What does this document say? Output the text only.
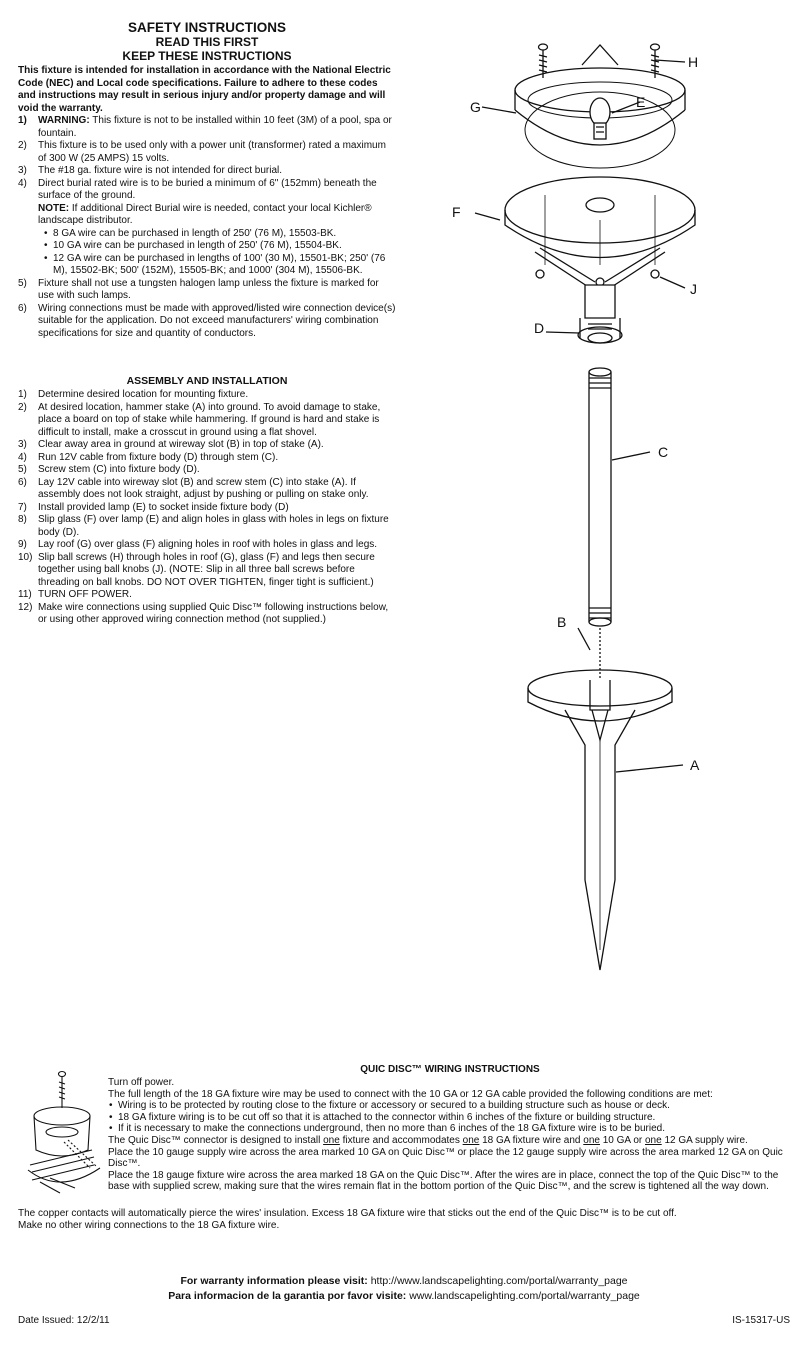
SAFETY INSTRUCTIONS
READ THIS FIRST
KEEP THESE INSTRUCTIONS
This fixture is intended for installation in accordance with the National Electric Code (NEC) and Local code specifications. Failure to adhere to these codes and instructions may result in serious injury and/or property damage and will void the warranty.
1) WARNING: This fixture is not to be installed within 10 feet (3M) of a pool, spa or fountain.
2) This fixture is to be used only with a power unit (transformer) rated a maximum of 300 W (25 AMPS) 15 volts.
3) The #18 ga. fixture wire is not intended for direct burial.
4) Direct burial rated wire is to be buried a minimum of 6" (152mm) beneath the surface of the ground.
NOTE: If additional Direct Burial wire is needed, contact your local Kichler® landscape distributor.
• 8 GA wire can be purchased in length of 250' (76 M), 15503-BK.
• 10 GA wire can be purchased in length of 250' (76 M), 15504-BK.
• 12 GA wire can be purchased in lengths of 100' (30 M), 15501-BK; 250' (76 M), 15502-BK; 500' (152M), 15505-BK; and 1000' (304 M), 15506-BK.
5) Fixture shall not use a tungsten halogen lamp unless the fixture is marked for use with such lamps.
6) Wiring connections must be made with approved/listed wire connection device(s) suitable for the application. Do not exceed manufacturers' wiring combination specifications for size and quantity of conductors.
ASSEMBLY AND INSTALLATION
1) Determine desired location for mounting fixture.
2) At desired location, hammer stake (A) into ground. To avoid damage to stake, place a board on top of stake while hammering. If ground is hard and stake is difficult to install, make a crosscut in ground using a flat shovel.
3) Clear away area in ground at wireway slot (B) in top of stake (A).
4) Run 12V cable from fixture body (D) through stem (C).
5) Screw stem (C) into fixture body (D).
6) Lay 12V cable into wireway slot (B) and screw stem (C) into stake (A). If assembly does not look straight, adjust by pushing or pulling on stake only.
7) Install provided lamp (E) to socket inside fixture body (D)
8) Slip glass (F) over lamp (E) and align holes in glass with holes in legs on fixture body (D).
9) Lay roof (G) over glass (F) aligning holes in roof with holes in glass and legs.
10) Slip ball screws (H) through holes in roof (G), glass (F) and legs then secure together using ball knobs (J). (NOTE: Slip in all three ball screws before threading on ball knobs. DO NOT OVER TIGHTEN, finger tight is sufficient.)
11) TURN OFF POWER.
12) Make wire connections using supplied Quic Disc™ following instructions below, or using other approved wiring connection method (not supplied.)
H
E
G
F
J
D
C
B
A
QUIC DISC™ WIRING INSTRUCTIONS
Turn off power.
The full length of the 18 GA fixture wire may be used to connect with the 10 GA or 12 GA cable provided the following conditions are met:
• Wiring is to be protected by routing close to the fixture or accessory or secured to a building structure such as house or deck.
• 18 GA fixture wiring is to be cut off so that it is attached to the connector within 6 inches of the fixture or building structure.
• If it is necessary to make the connections underground, then no more than 6 inches of the 18 GA fixture wire is to be buried.
The Quic Disc™ connector is designed to install one fixture and accommodates one 18 GA fixture wire and one 10 GA or one 12 GA supply wire.
Place the 10 gauge supply wire across the area marked 10 GA on Quic Disc™ or place the 12 gauge supply wire across the area marked 12 GA on Quic Disc™.
Place the 18 gauge fixture wire across the area marked 18 GA on the Quic Disc™. After the wires are in place, connect the top of the Quic Disc™ to the base with supplied screw, making sure that the wires remain flat in the bottom portion of the Quic Disc™, and the screw is tightened all the way down.
The copper contacts will automatically pierce the wires' insulation. Excess 18 GA fixture wire that sticks out the end of the Quic Disc™ is to be cut off.
Make no other wiring connections to the 18 GA fixture wire.
For warranty information please visit: http://www.landscapelighting.com/portal/warranty_page
Para informacion de la garantia por favor visite: www.landscapelighting.com/portal/warranty_page
Date Issued: 12/2/11	IS-15317-US
